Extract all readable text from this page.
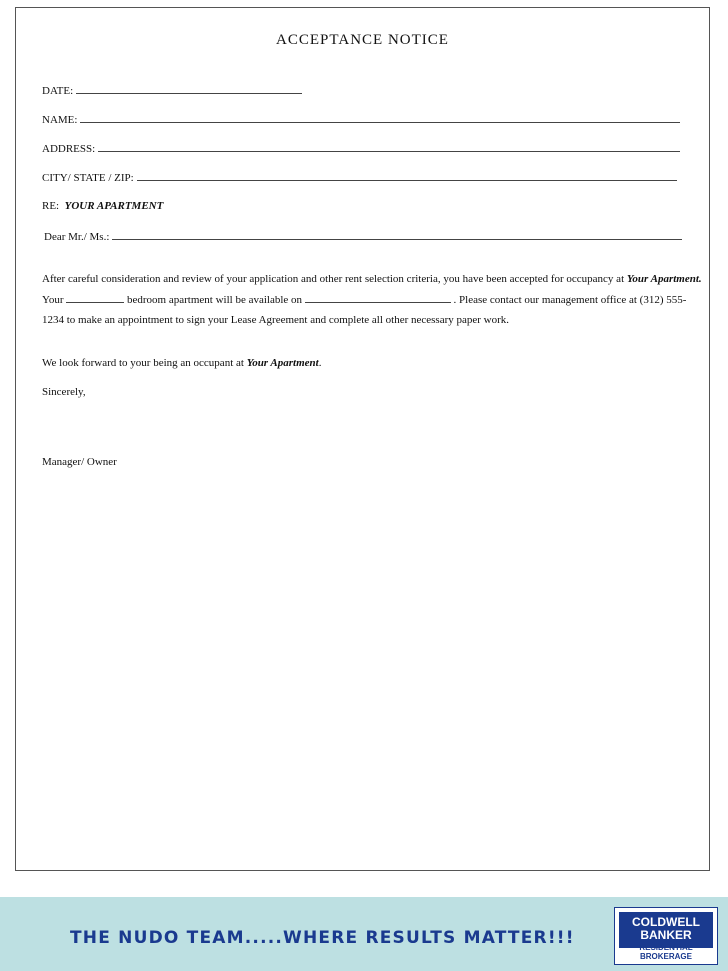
ACCEPTANCE NOTICE
DATE:
NAME:
ADDRESS:
CITY/ STATE / ZIP:
RE: YOUR APARTMENT
Dear Mr./ Ms.:
After careful consideration and review of your application and other rent selection criteria, you have been accepted for occupancy at Your Apartment. Your	bedroom apartment will be available on	. Please contact our management office at (312) 555-1234 to make an appointment to sign your Lease Agreement and complete all other necessary paper work.
We look forward to your being an occupant at Your Apartment.
Sincerely,
Manager/ Owner
THE NUDO TEAM.....WHERE RESULTS MATTER!!!
COLDWELL
BANKER
RESIDENTIAL BROKERAGE
